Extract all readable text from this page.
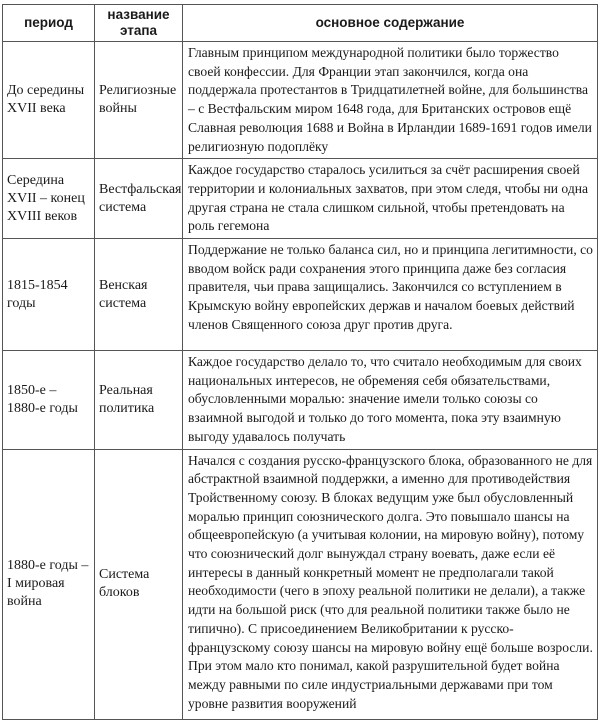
период	название этапа	основное содержание
До середины XVII века	Религиозные войны	Главным принципом международной политики было торжество своей конфессии. Для Франции этап закончился, когда она поддержала протестантов в Тридцатилетней войне, для большинства – с Вестфальским миром 1648 года, для Британских островов ещё Славная революция 1688 и Война в Ирландии 1689-1691 годов имели религиозную подоплёку
Середина XVII – конец XVIII веков	Вестфальская система	Каждое государство старалось усилиться за счёт расширения своей территории и колониальных захватов, при этом следя, чтобы ни одна другая страна не стала слишком сильной, чтобы претендовать на роль гегемона
1815-1854 годы	Венская система	Поддержание не только баланса сил, но и принципа легитимности, со вводом войск ради сохранения этого принципа даже без согласия правителя, чьи права защищались. Закончился со вступлением в Крымскую войну европейских держав и началом боевых действий членов Священного союза друг против друга.
1850-е – 1880-е годы	Реальная политика	Каждое государство делало то, что считало необходимым для своих национальных интересов, не обременяя себя обязательствами, обусловленными моралью: значение имели только союзы со взаимной выгодой и только до того момента, пока эту взаимную выгоду удавалось получать
1880-е годы – I мировая война	Система блоков	Начался с создания русско-французского блока, образованного не для абстрактной взаимной поддержки, а именно для противодействия Тройственному союзу. В блоках ведущим уже был обусловленный моралью принцип союзнического долга. Это повышало шансы на общеевропейскую (а учитывая колонии, на мировую войну), потому что союзнический долг вынуждал страну воевать, даже если её интересы в данный конкретный момент не предполагали такой необходимости (чего в эпоху реальной политики не делали), а также идти на большой риск (что для реальной политики также было не типично). С присоединением Великобритании к русско-французскому союзу шансы на мировую войну ещё больше возросли. При этом мало кто понимал, какой разрушительной будет война между равными по силе индустриальными державами при том уровне развития вооружений
